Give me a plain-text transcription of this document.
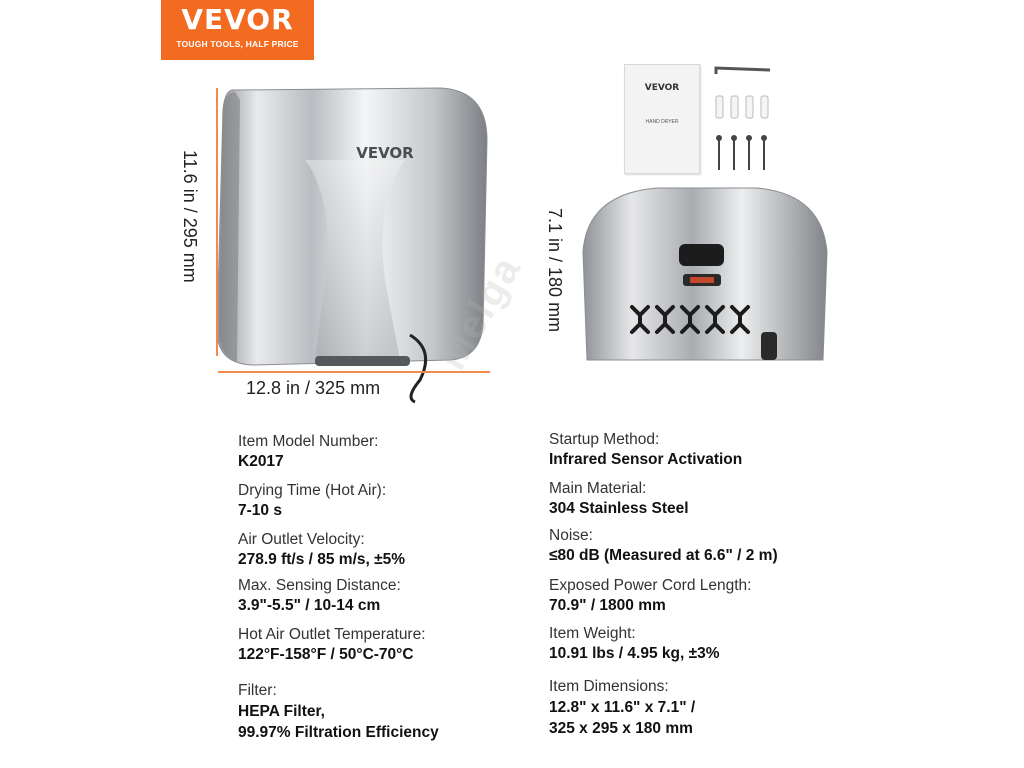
VEVOR
TOUGH TOOLS, HALF PRICE
VEVOR
11.6 in / 295 mm
12.8 in / 325 mm
VEVOR
HAND DRYER
7.1 in / 180 mm
Melga
Item Model Number:
K2017
Drying Time (Hot Air):
7-10 s
Air Outlet Velocity:
278.9 ft/s / 85 m/s, ±5%
Max. Sensing Distance:
3.9"-5.5" / 10-14 cm
Hot Air Outlet Temperature:
122°F-158°F / 50°C-70°C
Filter:
HEPA Filter,
99.97% Filtration Efficiency
Startup Method:
Infrared Sensor Activation
Main Material:
304 Stainless Steel
Noise:
≤80 dB (Measured at 6.6" / 2 m)
Exposed Power Cord Length:
70.9" / 1800 mm
Item Weight:
10.91 lbs / 4.95 kg, ±3%
Item Dimensions:
12.8" x 11.6" x 7.1" /
325 x 295 x 180 mm
